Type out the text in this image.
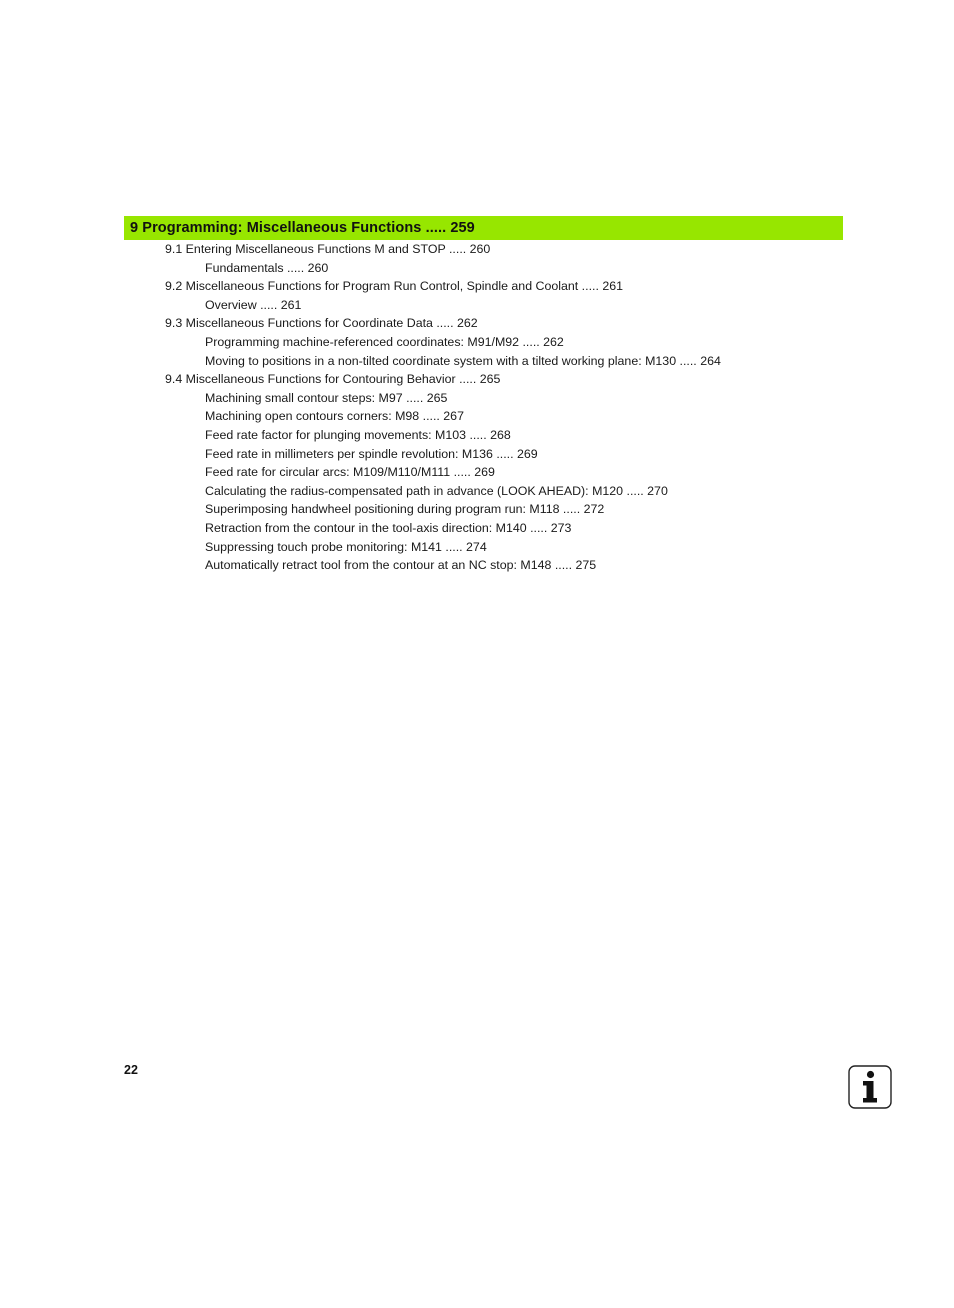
9 Programming: Miscellaneous Functions ..... 259
9.1 Entering Miscellaneous Functions M and STOP ..... 260
Fundamentals ..... 260
9.2 Miscellaneous Functions for Program Run Control, Spindle and Coolant ..... 261
Overview ..... 261
9.3 Miscellaneous Functions for Coordinate Data ..... 262
Programming machine-referenced coordinates: M91/M92 ..... 262
Moving to positions in a non-tilted coordinate system with a tilted working plane: M130 ..... 264
9.4 Miscellaneous Functions for Contouring Behavior ..... 265
Machining small contour steps: M97 ..... 265
Machining open contours corners: M98 ..... 267
Feed rate factor for plunging movements: M103 ..... 268
Feed rate in millimeters per spindle revolution: M136 ..... 269
Feed rate for circular arcs: M109/M110/M111 ..... 269
Calculating the radius-compensated path in advance (LOOK AHEAD): M120 ..... 270
Superimposing handwheel positioning during program run: M118 ..... 272
Retraction from the contour in the tool-axis direction: M140 ..... 273
Suppressing touch probe monitoring: M141 ..... 274
Automatically retract tool from the contour at an NC stop: M148 ..... 275
22
